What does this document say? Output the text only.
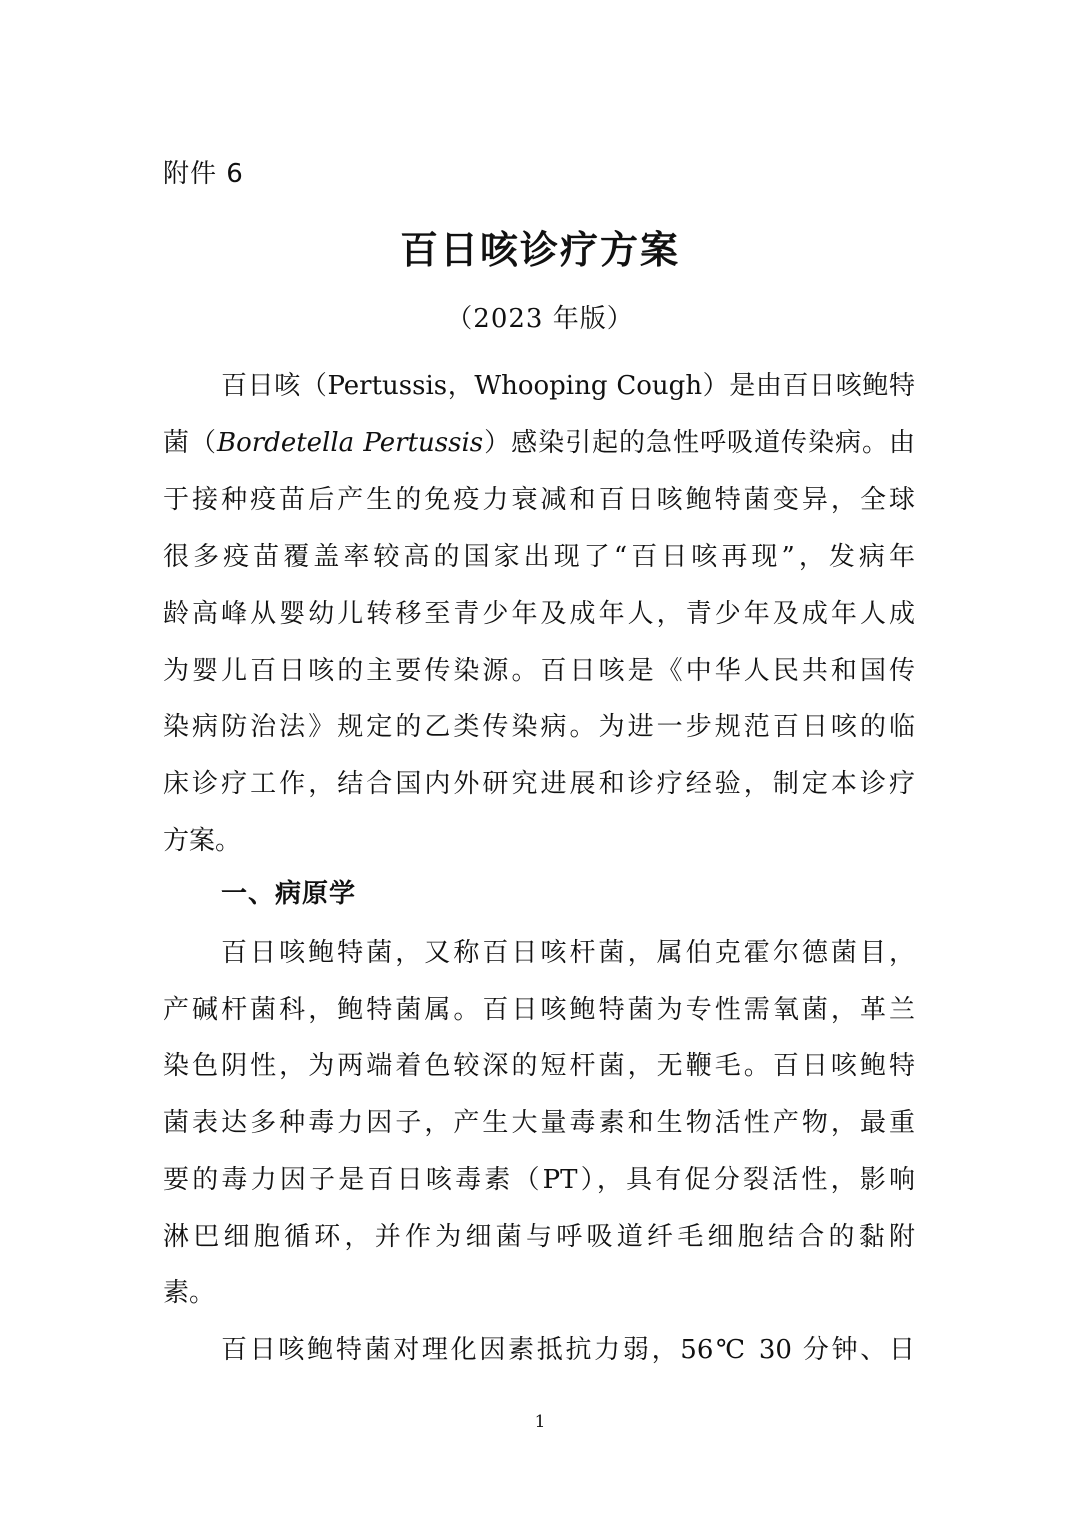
附件 6
百日咳诊疗方案
（2023 年版）
百日咳（Pertussis，Whooping Cough）是由百日咳鲍特
菌（Bordetella Pertussis）感染引起的急性呼吸道传染病。由
于接种疫苗后产生的免疫力衰减和百日咳鲍特菌变异，全球
很多疫苗覆盖率较高的国家出现了“百日咳再现”，发病年
龄高峰从婴幼儿转移至青少年及成年人，青少年及成年人成
为婴儿百日咳的主要传染源。百日咳是《中华人民共和国传
染病防治法》规定的乙类传染病。为进一步规范百日咳的临
床诊疗工作，结合国内外研究进展和诊疗经验，制定本诊疗
方案。
一、病原学
百日咳鲍特菌，又称百日咳杆菌，属伯克霍尔德菌目，
产碱杆菌科，鲍特菌属。百日咳鲍特菌为专性需氧菌，革兰
染色阴性，为两端着色较深的短杆菌，无鞭毛。百日咳鲍特
菌表达多种毒力因子，产生大量毒素和生物活性产物，最重
要的毒力因子是百日咳毒素（PT），具有促分裂活性，影响
淋巴细胞循环，并作为细菌与呼吸道纤毛细胞结合的黏附
素。
百日咳鲍特菌对理化因素抵抗力弱，56℃ 30 分钟、日
1
